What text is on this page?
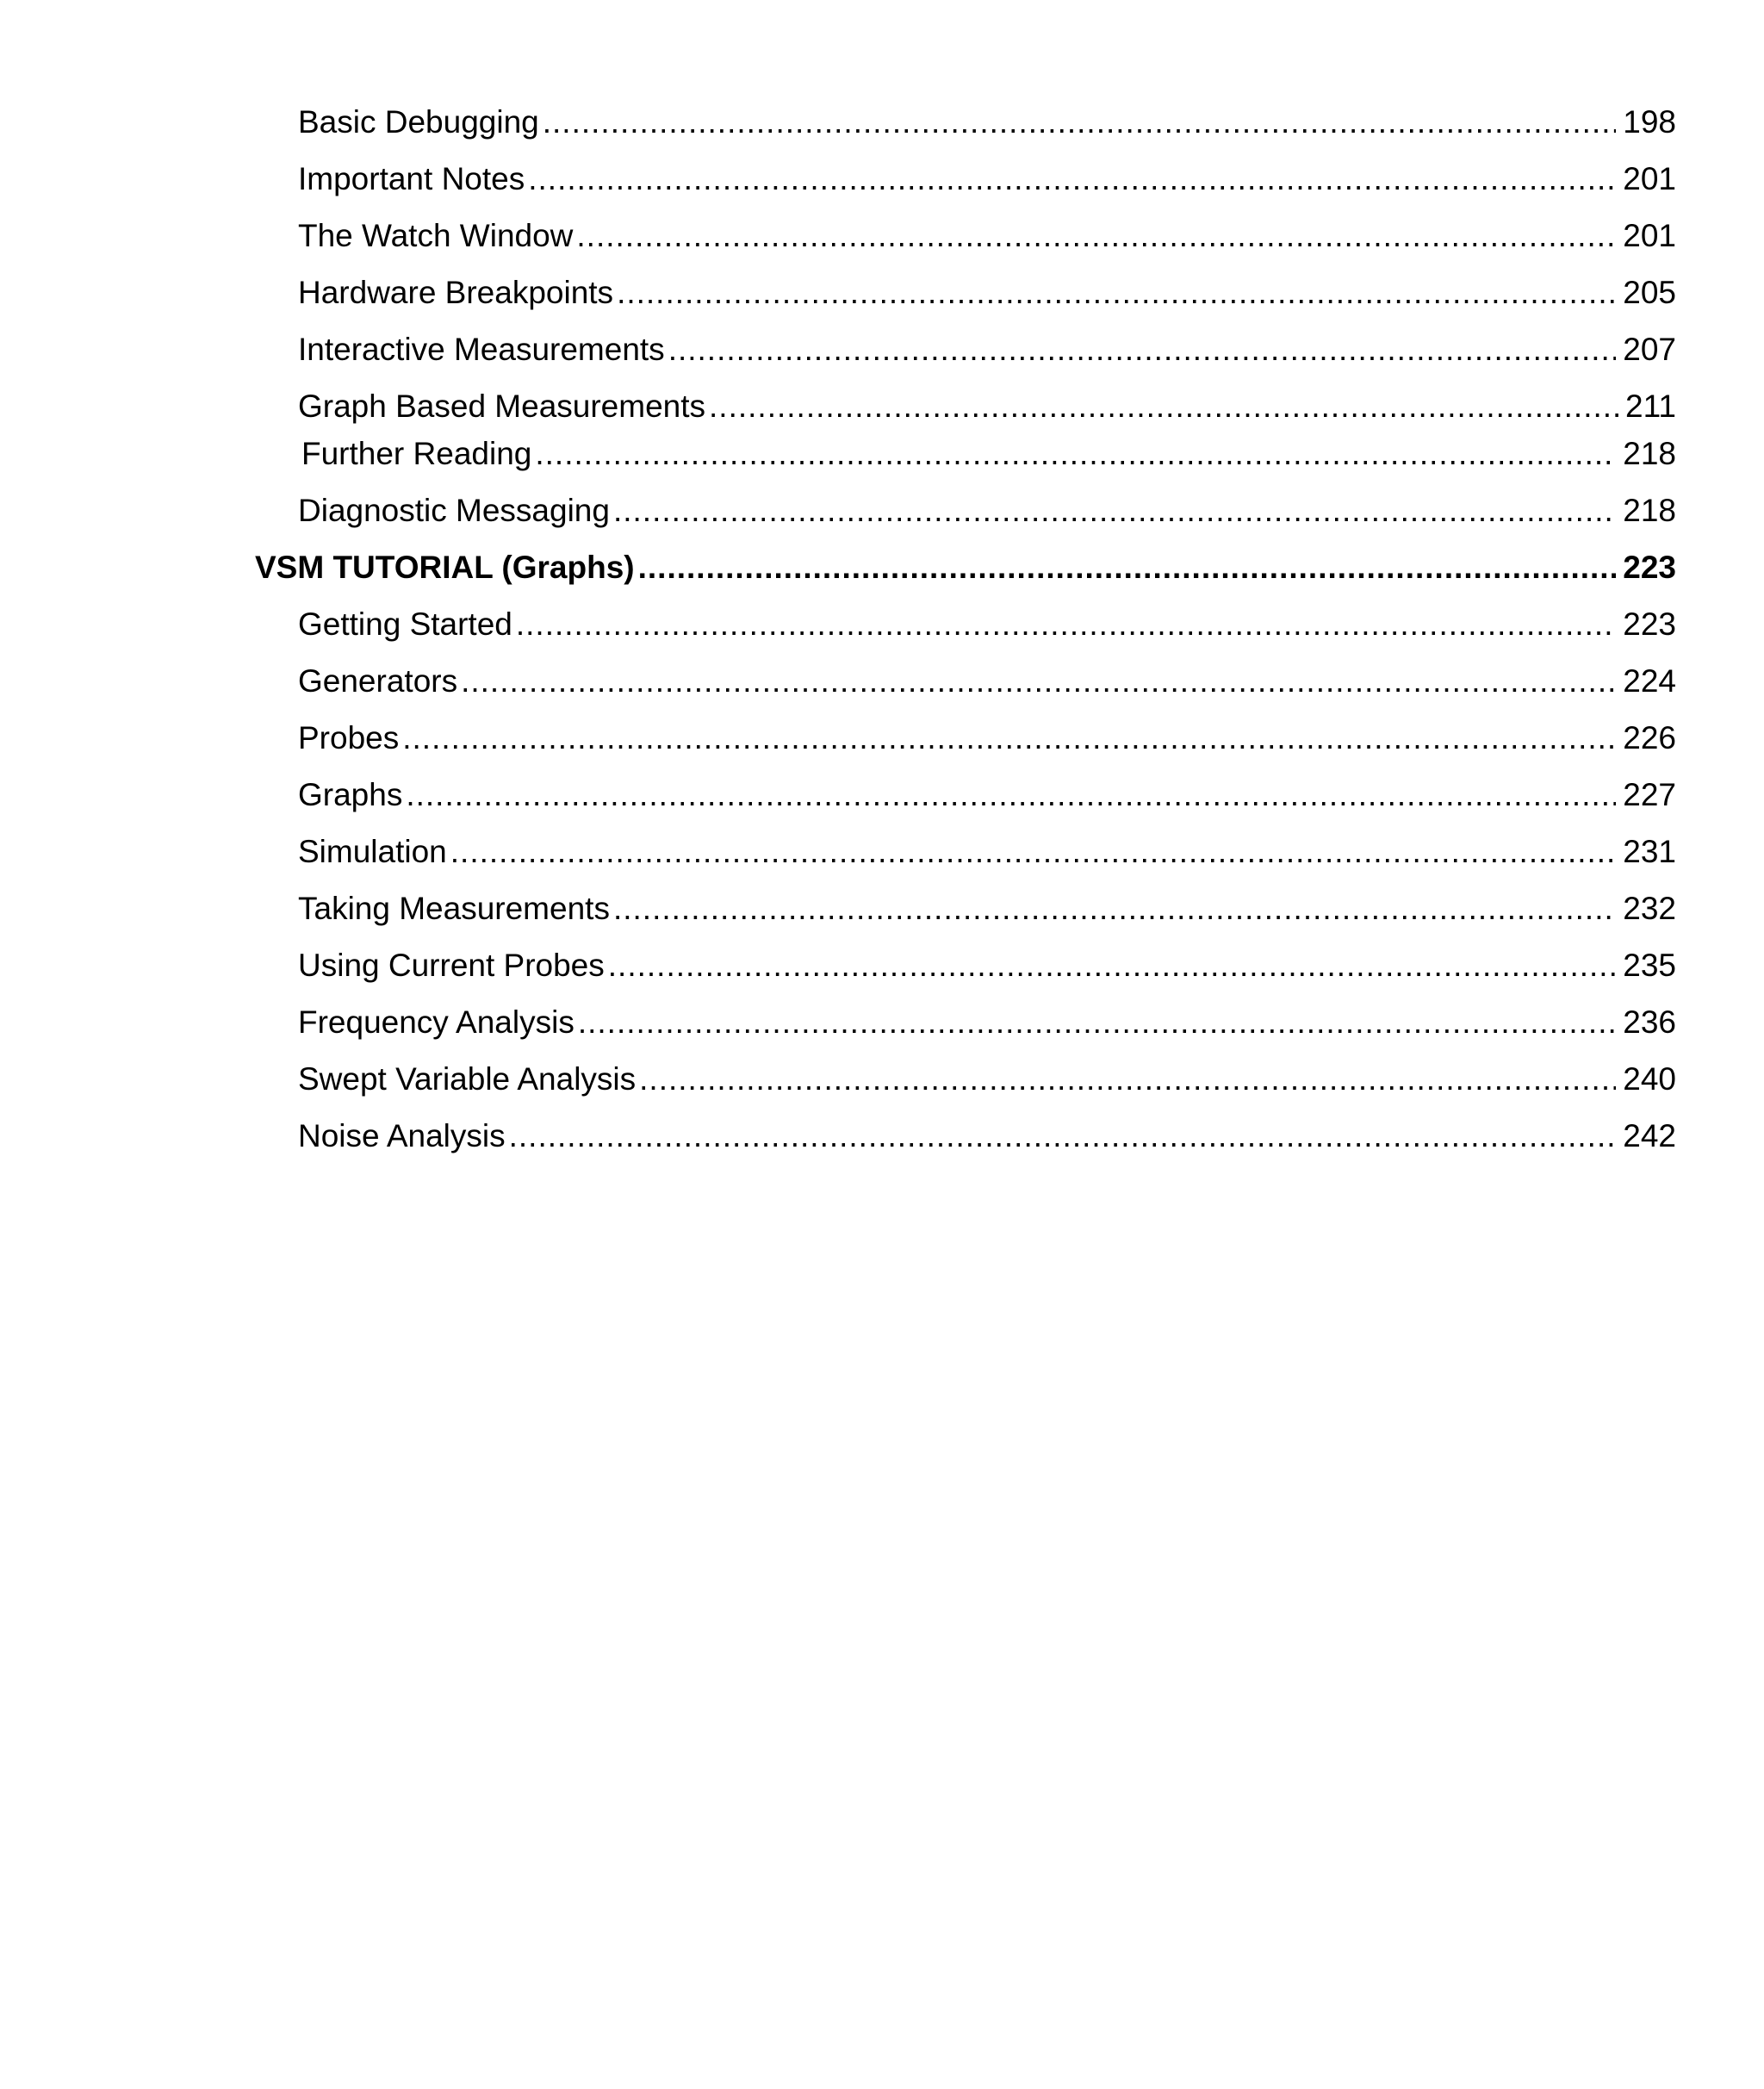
Basic Debugging .....	198
Important Notes .....	201
The Watch Window .....	201
Hardware Breakpoints .....	205
Interactive Measurements .....	207
Graph Based Measurements .....	211
Further Reading .....	218
Diagnostic Messaging .....	218
VSM TUTORIAL (Graphs) .....	223
Getting Started .....	223
Generators .....	224
Probes .....	226
Graphs .....	227
Simulation .....	231
Taking Measurements .....	232
Using Current Probes .....	235
Frequency Analysis .....	236
Swept Variable Analysis .....	240
Noise Analysis .....	242
